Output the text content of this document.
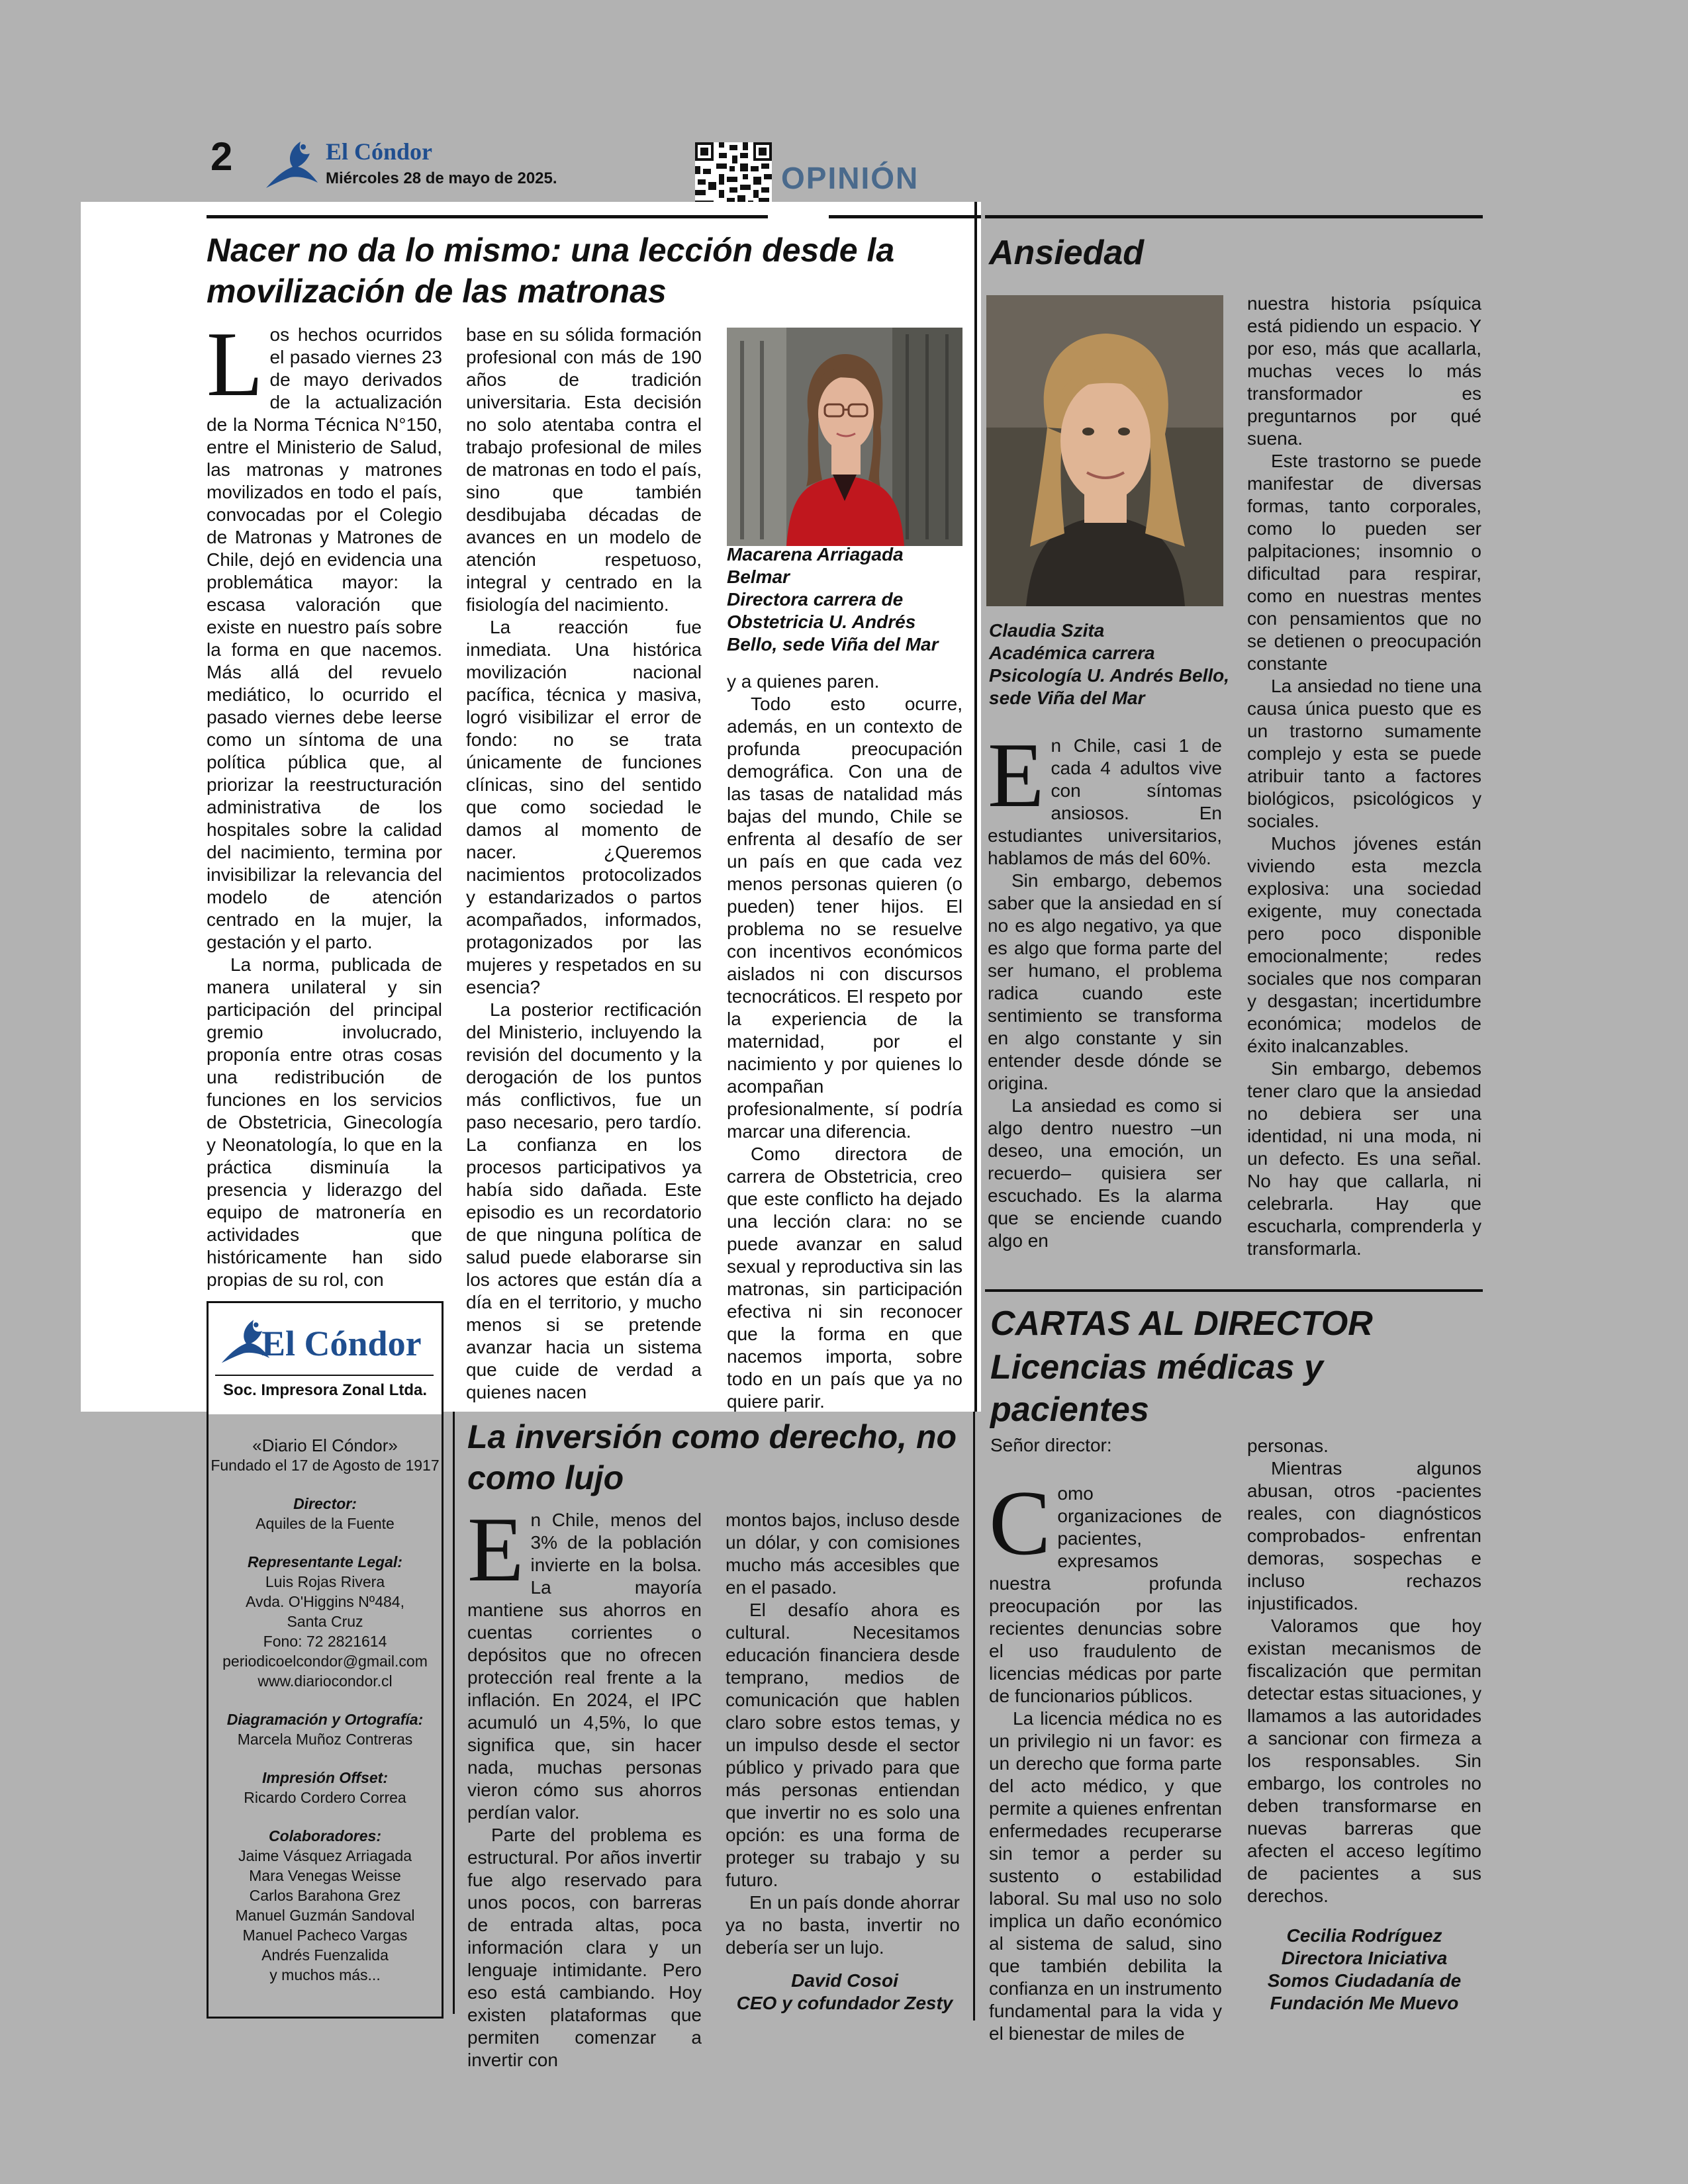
2	El Cóndor
Miércoles 28 de mayo de 2025.	OPINIÓN
Nacer no da lo mismo: una lección desde la movilización de las matronas
L os hechos ocurridos el pasado viernes 23 de mayo derivados de la actualización de la Norma Técnica N°150, entre el Ministerio de Salud, las matronas y matrones movilizados en todo el país, convocadas por el Colegio de Matronas y Matrones de Chile, dejó en evidencia una problemática mayor: la escasa valoración que existe en nuestro país sobre la forma en que nacemos. Más allá del revuelo mediático, lo ocurrido el pasado viernes debe leerse como un síntoma de una política pública que, al priorizar la reestructuración administrativa de los hospitales sobre la calidad del nacimiento, termina por invisibilizar la relevancia del modelo de atención centrado en la mujer, la gestación y el parto.

La norma, publicada de manera unilateral y sin participación del principal gremio involucrado, proponía entre otras cosas una redistribución de funciones en los servicios de Obstetricia, Ginecología y Neonatología, lo que en la práctica disminuía la presencia y liderazgo del equipo de matronería en actividades que históricamente han sido propias de su rol, con

base en su sólida formación profesional con más de 190 años de tradición universitaria. Esta decisión no solo atentaba contra el trabajo profesional de miles de matronas en todo el país, sino que también desdibujaba décadas de avances en un modelo de atención respetuoso, integral y centrado en la fisiología del nacimiento.

La reacción fue inmediata. Una histórica movilización nacional pacífica, técnica y masiva, logró visibilizar el error de fondo: no se trata únicamente de funciones clínicas, sino del sentido que como sociedad le damos al momento de nacer. ¿Queremos nacimientos protocolizados y estandarizados o partos acompañados, informados, protagonizados por las mujeres y respetados en su esencia?

La posterior rectificación del Ministerio, incluyendo la revisión del documento y la derogación de los puntos más conflictivos, fue un paso necesario, pero tardío. La confianza en los procesos participativos ya había sido dañada. Este episodio es un recordatorio de que ninguna política de salud puede elaborarse sin los actores que están día a día en el territorio, y mucho menos si se pretende avanzar hacia un sistema que cuide de verdad a quienes nacen

Macarena Arriagada Belmar
Directora carrera de Obstetricia U. Andrés Bello, sede Viña del Mar

y a quienes paren.

Todo esto ocurre, además, en un contexto de profunda preocupación demográfica. Con una de las tasas de natalidad más bajas del mundo, Chile se enfrenta al desafío de ser un país en que cada vez menos personas quieren (o pueden) tener hijos. El problema no se resuelve con incentivos económicos aislados ni con discursos tecnocráticos. El respeto por la experiencia de la maternidad, por el nacimiento y por quienes lo acompañan profesionalmente, sí podría marcar una diferencia.

Como directora de carrera de Obstetricia, creo que este conflicto ha dejado una lección clara: no se puede avanzar en salud sexual y reproductiva sin las matronas, sin participación efectiva ni sin reconocer que la forma en que nacemos importa, sobre todo en un país que ya no quiere parir.

Ansiedad
Claudia Szita
Académica carrera Psicología U. Andrés Bello, sede Viña del Mar
E n Chile, casi 1 de cada 4 adultos vive con síntomas ansiosos. En estudiantes universitarios, hablamos de más del 60%.

Sin embargo, debemos saber que la ansiedad en sí no es algo negativo, ya que es algo que forma parte del ser humano, el problema radica cuando este sentimiento se transforma en algo constante y sin entender desde dónde se origina.

La ansiedad es como si algo dentro nuestro –un deseo, una emoción, un recuerdo– quisiera ser escuchado. Es la alarma que se enciende cuando algo en

nuestra historia psíquica está pidiendo un espacio. Y por eso, más que acallarla, muchas veces lo más transformador es preguntarnos por qué suena.

Este trastorno se puede manifestar de diversas formas, tanto corporales, como lo pueden ser palpitaciones; insomnio o dificultad para respirar, como en nuestras mentes con pensamientos que no se detienen o preocupación constante

La ansiedad no tiene una causa única puesto que es un trastorno sumamente complejo y esta se puede atribuir tanto a factores biológicos, psicológicos y sociales.

Muchos jóvenes están viviendo esta mezcla explosiva: una sociedad exigente, muy conectada pero poco disponible emocionalmente; redes sociales que nos comparan y desgastan; incertidumbre económica; modelos de éxito inalcanzables.

Sin embargo, debemos tener claro que la ansiedad no debiera ser una identidad, ni una moda, ni un defecto. Es una señal. No hay que callarla, ni celebrarla. Hay que escucharla, comprenderla y transformarla.

El Cóndor
Soc. Impresora Zonal Ltda.
«Diario El Cóndor»
Fundado el 17 de Agosto de 1917
Director:
Aquiles de la Fuente
Representante Legal:
Luis Rojas Rivera
Avda. O'Higgins Nº484,
Santa Cruz
Fono: 72 2821614
periodicoelcondor@gmail.com
www.diariocondor.cl
Diagramación y Ortografía:
Marcela Muñoz Contreras
Impresión Offset:
Ricardo Cordero Correa
Colaboradores:
Jaime Vásquez Arriagada
Mara Venegas Weisse
Carlos Barahona Grez
Manuel Guzmán Sandoval
Manuel Pacheco Vargas
Andrés Fuenzalida
y muchos más...
La inversión como derecho, no como lujo
E n Chile, menos del 3% de la población invierte en la bolsa. La mayoría mantiene sus ahorros en cuentas corrientes o depósitos que no ofrecen protección real frente a la inflación. En 2024, el IPC acumuló un 4,5%, lo que significa que, sin hacer nada, muchas personas vieron cómo sus ahorros perdían valor.

Parte del problema es estructural. Por años invertir fue algo reservado para unos pocos, con barreras de entrada altas, poca información clara y un lenguaje intimidante. Pero eso está cambiando. Hoy existen plataformas que permiten comenzar a invertir con

montos bajos, incluso desde un dólar, y con comisiones mucho más accesibles que en el pasado.

El desafío ahora es cultural. Necesitamos educación financiera desde temprano, medios de comunicación que hablen claro sobre estos temas, y un impulso desde el sector público y privado para que más personas entiendan que invertir no es solo una opción: es una forma de proteger su trabajo y su futuro.

En un país donde ahorrar ya no basta, invertir no debería ser un lujo.

David Cosoi
CEO y cofundador Zesty
CARTAS AL DIRECTOR
Licencias médicas y pacientes
Señor director:
C omo organizaciones de pacientes, expresamos nuestra profunda preocupación por las recientes denuncias sobre el uso fraudulento de licencias médicas por parte de funcionarios públicos.

La licencia médica no es un privilegio ni un favor: es un derecho que forma parte del acto médico, y que permite a quienes enfrentan enfermedades recuperarse sin temor a perder su sustento o estabilidad laboral. Su mal uso no solo implica un daño económico al sistema de salud, sino que también debilita la confianza en un instrumento fundamental para la vida y el bienestar de miles de

personas.

Mientras algunos abusan, otros -pacientes reales, con diagnósticos comprobados- enfrentan demoras, sospechas e incluso rechazos injustificados.

Valoramos que hoy existan mecanismos de fiscalización que permitan detectar estas situaciones, y llamamos a las autoridades a sancionar con firmeza a los responsables. Sin embargo, los controles no deben transformarse en nuevas barreras que afecten el acceso legítimo de pacientes a sus derechos.

Cecilia Rodríguez
Directora Iniciativa
Somos Ciudadanía de
Fundación Me Muevo
